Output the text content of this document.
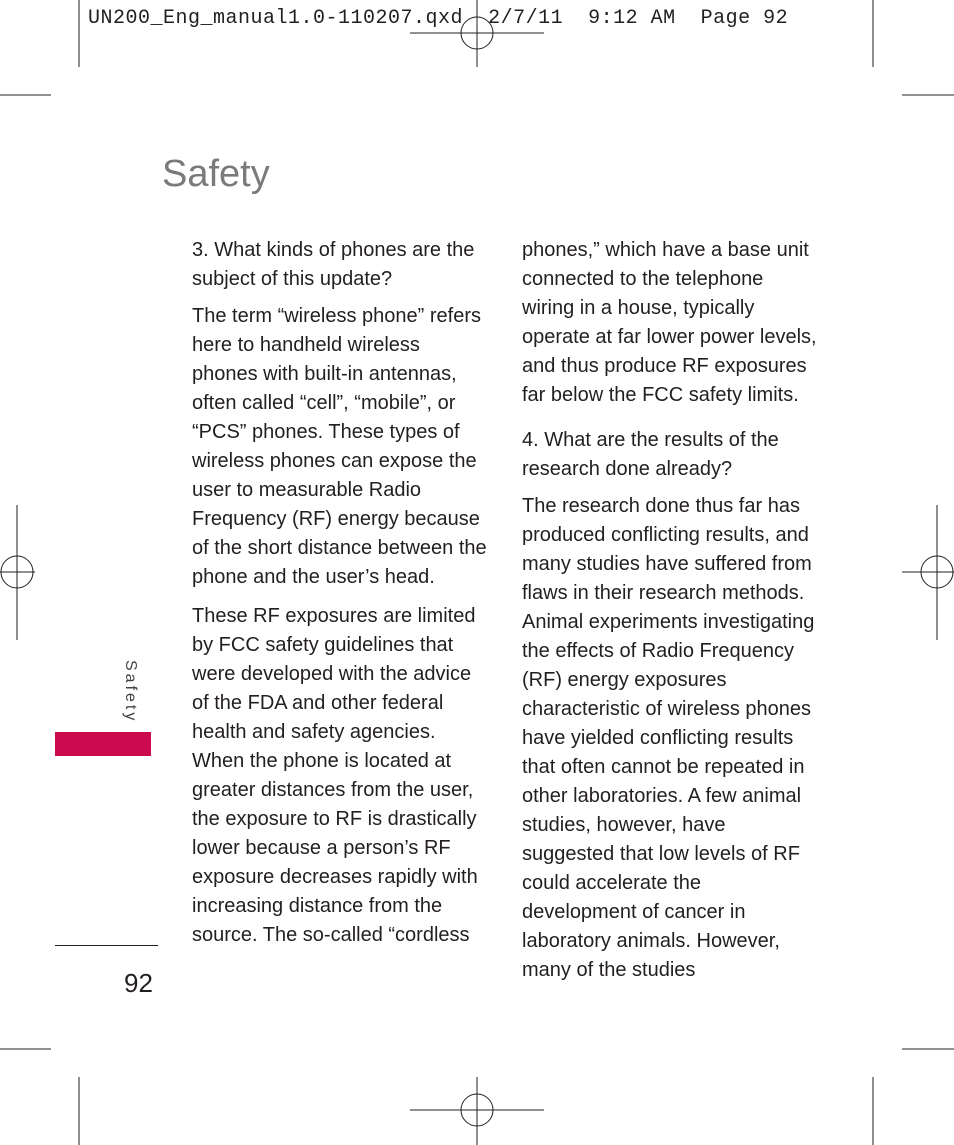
UN200_Eng_manual1.0-110207.qxd  2/7/11  9:12 AM  Page 92

Safety
3. What kinds of phones are the subject of this update?

The term “wireless phone” refers here to handheld wireless phones with built-in antennas, often called “cell”, “mobile”, or “PCS” phones. These types of wireless phones can expose the user to measurable Radio Frequency (RF) energy because of the short distance between the phone and the user’s head.

These RF exposures are limited by FCC safety guidelines that were developed with the advice of the FDA and other federal health and safety agencies. When the phone is located at greater distances from the user, the exposure to RF is drastically lower because a person’s RF exposure decreases rapidly with increasing distance from the source. The so-called “cordless

phones,” which have a base unit connected to the telephone wiring in a house, typically operate at far lower power levels, and thus produce RF exposures far below the FCC safety limits.

4. What are the results of the research done already?

The research done thus far has produced conflicting results, and many studies have suffered from flaws in their research methods. Animal experiments investigating the effects of Radio Frequency (RF) energy exposures characteristic of wireless phones have yielded conflicting results that often cannot be repeated in other laboratories. A few animal studies, however, have suggested that low levels of RF could accelerate the development of cancer in laboratory animals. However, many of the studies

Safety
92
